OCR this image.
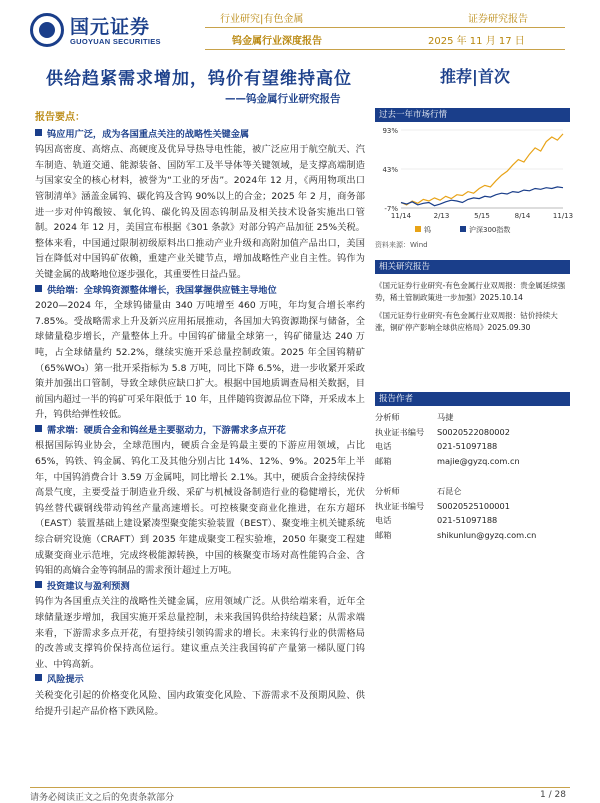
国元证券
GUOYUAN SECURITIES
行业研究|有色金属	证券研究报告
钨金属行业深度报告	2025 年 11 月 17 日
供给趋紧需求增加，钨价有望维持高位
——钨金属行业研究报告
推荐|首次
报告要点：
钨应用广泛，成为各国重点关注的战略性关键金属

钨因高密度、高熔点、高硬度及优异导热导电性能，被广泛应用于航空航天、汽车制造、轨道交通、能源装备、国防军工及半导体等关键领域，是支撑高端制造与国家安全的核心材料，被誉为“工业的牙齿”。2024年 12 月，《两用物项出口管制清单》涵盖金属钨、碳化钨及含钨 90%以上的合金；2025 年 2 月，商务部进一步对仲钨酸铵、氧化钨、碳化钨及固态钨制品及相关技术设备实施出口管制。2024 年 12 月，美国宣布根据《301 条款》对部分钨产品加征 25%关税。整体来看，中国通过限制初级原料出口推动产业升级和高附加值产品出口，美国旨在降低对中国钨矿依赖，重建产业关键节点，增加战略性产业自主性。钨作为关键金属的战略地位逐步强化，其重要性日益凸显。

供给端：全球钨资源整体增长，我国掌握供应链主导地位

2020—2024 年，全球钨储量由 340 万吨增至 460 万吨，年均复合增长率约 7.85%。受战略需求上升及新兴应用拓展推动，各国加大钨资源勘探与储备，全球储量稳步增长，产量整体上升。中国钨矿储量全球第一，钨矿储量达 240 万吨，占全球储量约 52.2%，继续实施开采总量控制政策。2025 年全国钨精矿（65%WO₃）第一批开采指标为 5.8 万吨，同比下降 6.5%，进一步收紧开采政策并加强出口管制，导致全球供应缺口扩大。根据中国地质调查局相关数据，目前国内超过一半的钨矿可采年限低于 10 年，且伴随钨资源品位下降，开采成本上升，钨供给弹性较低。

需求端：硬质合金和钨丝是主要驱动力，下游需求多点开花

根据国际钨业协会，全球范围内，硬质合金是钨最主要的下游应用领域，占比 65%，钨铁、钨金属、钨化工及其他分别占比 14%、12%、9%。2025年上半年，中国钨消费合计 3.59 万金属吨，同比增长 2.1%。其中，硬质合金持续保持高景气度，主要受益于制造业升级、采矿与机械设备制造行业的稳健增长，光伏钨丝替代碳钢线带动钨丝产量高速增长。可控核聚变商业化推进，在东方超环（EAST）装置基础上建设紧凑型聚变能实验装置（BEST）、聚变堆主机关键系统综合研究设施（CRAFT）到 2035 年建成聚变工程实验堆，2050 年聚变工程建成聚变商业示范堆，完成终极能源转换，中国的核聚变市场对高性能钨合金、含钨钼的高熵合金等钨制品的需求预计超过上万吨。

投资建议与盈利预测

钨作为各国重点关注的战略性关键金属，应用领域广泛。从供给端来看，近年全球储量逐步增加，我国实施开采总量控制，未来我国钨供给持续趋紧；从需求端来看，下游需求多点开花，有望持续引领钨需求的增长。未来钨行业的供需格局的改善或支撑钨价保持高位运行。建议重点关注我国钨矿产量第一梯队厦门钨业、中钨高新。

风险提示

关税变化引起的价格变化风险、国内政策变化风险、下游需求不及预期风险、供给提升引起产品价格下跌风险。

过去一年市场行情
93%
43%
-7%
11/14	2/13	5/15	8/14	11/13
钨	沪深300指数
资料来源：Wind
相关研究报告
《国元证券行业研究-有色金属行业双周报：贵金属延续强势，稀土管制政策进一步加强》2025.10.14
《国元证券行业研究-有色金属行业双周报：钴价持续大涨，铜矿停产影响全球供应格局》2025.09.30
报告作者
分析师	马捷
执业证书编号	S0020522080002
电话	021-51097188
邮箱	majie@gyzq.com.cn
分析师	石昆仑
执业证书编号	S0020525100001
电话	021-51097188
邮箱	shikunlun@gyzq.com.cn
请务必阅读正文之后的免责条款部分	1 / 28
